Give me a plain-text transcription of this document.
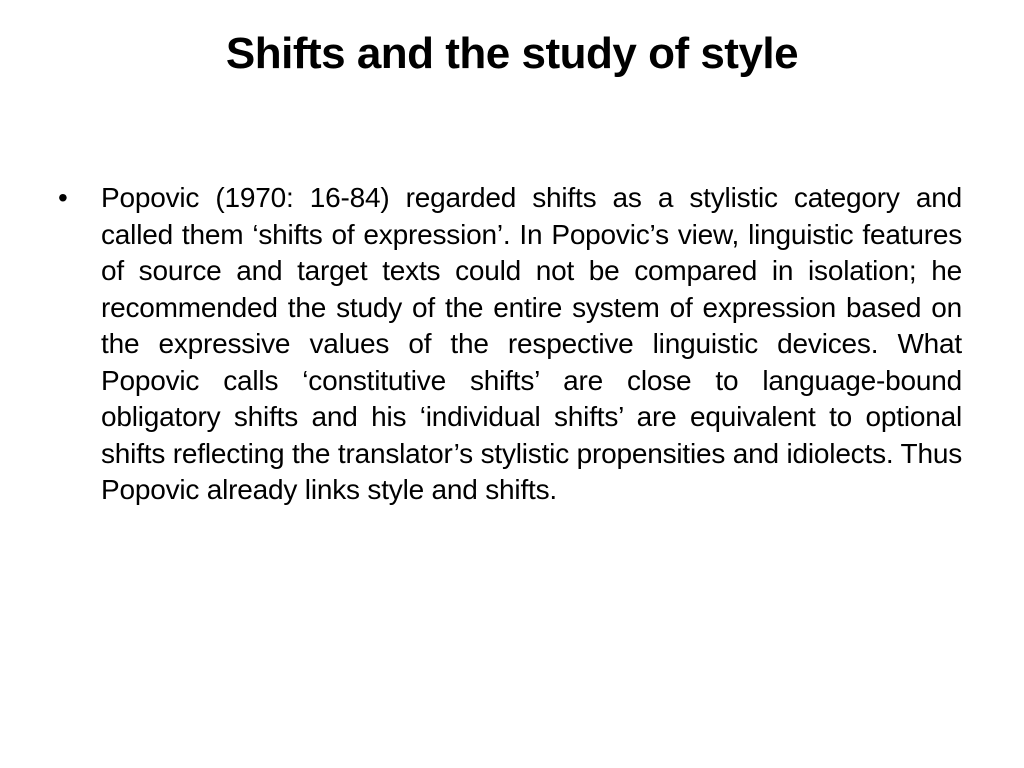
Shifts and the study of style
•	Popovic (1970: 16-84) regarded shifts as a stylistic category and called them ‘shifts of expression’. In Popovic’s view, linguistic features of source and target texts could not be compared in isolation; he recommended the study of the entire system of expression based on the expressive values of the respective linguistic devices. What Popovic calls ‘constitutive shifts’ are close to language-bound obligatory shifts and his ‘individual shifts’ are equivalent to optional shifts reflecting the translator’s stylistic propensities and idiolects. Thus Popovic already links style and shifts.
